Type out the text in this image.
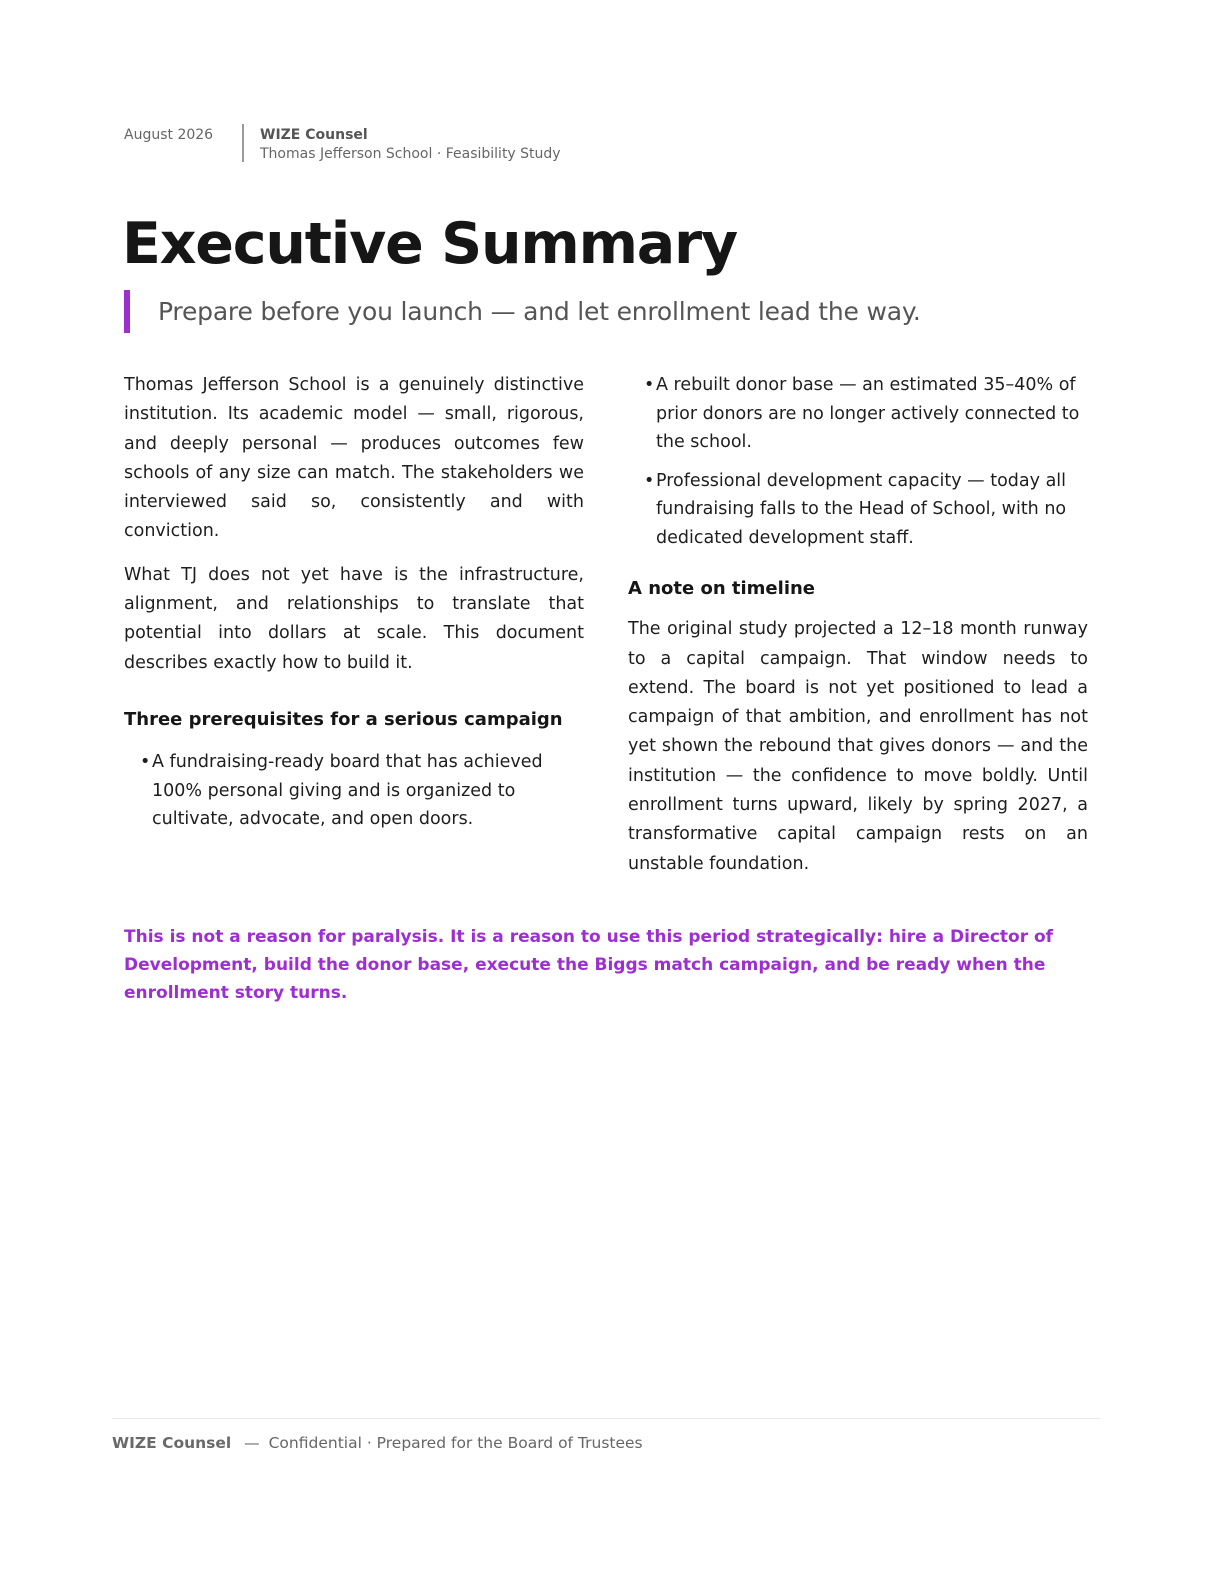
August 2026	WIZE Counsel
Thomas Jefferson School · Feasibility Study
Executive Summary
Prepare before you launch — and let enrollment lead the way.

Thomas Jefferson School is a genuinely distinctive institution. Its academic model — small, rigorous, and deeply personal — produces outcomes few schools of any size can match. The stakeholders we interviewed said so, consistently and with conviction.

What TJ does not yet have is the infrastructure, alignment, and relationships to translate that potential into dollars at scale. This document describes exactly how to build it.

Three prerequisites for a serious campaign
• A fundraising-ready board that has achieved 100% personal giving and is organized to cultivate, advocate, and open doors.
• A rebuilt donor base — an estimated 35–40% of prior donors are no longer actively connected to the school.
• Professional development capacity — today all fundraising falls to the Head of School, with no dedicated development staff.
A note on timeline

The original study projected a 12–18 month runway to a capital campaign. That window needs to extend. The board is not yet positioned to lead a campaign of that ambition, and enrollment has not yet shown the rebound that gives donors — and the institution — the confidence to move boldly. Until enrollment turns upward, likely by spring 2027, a transformative capital campaign rests on an unstable foundation.

This is not a reason for paralysis. It is a reason to use this period strategically: hire a Director of Development, build the donor base, execute the Biggs match campaign, and be ready when the enrollment story turns.

WIZE Counsel — Confidential · Prepared for the Board of Trustees
